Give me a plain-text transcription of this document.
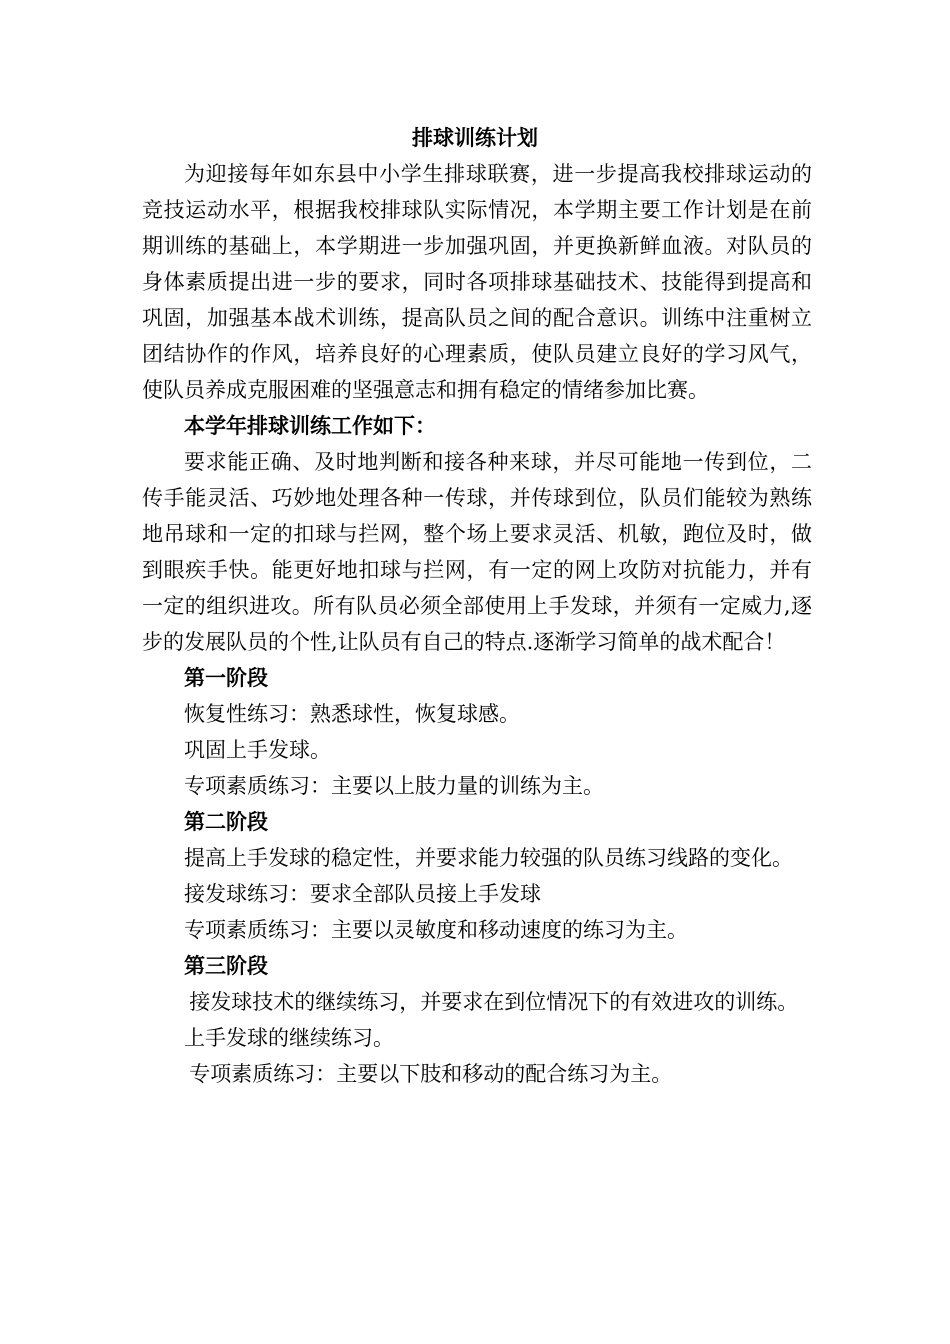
排球训练计划

为迎接每年如东县中小学生排球联赛，进一步提高我校排球运动的竞技运动水平，根据我校排球队实际情况，本学期主要工作计划是在前期训练的基础上，本学期进一步加强巩固，并更换新鲜血液。对队员的身体素质提出进一步的要求，同时各项排球基础技术、技能得到提高和巩固，加强基本战术训练，提高队员之间的配合意识。训练中注重树立团结协作的作风，培养良好的心理素质，使队员建立良好的学习风气，使队员养成克服困难的坚强意志和拥有稳定的情绪参加比赛。

本学年排球训练工作如下：

要求能正确、及时地判断和接各种来球，并尽可能地一传到位，二传手能灵活、巧妙地处理各种一传球，并传球到位，队员们能较为熟练地吊球和一定的扣球与拦网，整个场上要求灵活、机敏，跑位及时，做到眼疾手快。能更好地扣球与拦网，有一定的网上攻防对抗能力，并有一定的组织进攻。所有队员必须全部使用上手发球，并须有一定威力,逐步的发展队员的个性,让队员有自己的特点.逐渐学习简单的战术配合！

第一阶段

恢复性练习：熟悉球性，恢复球感。

巩固上手发球。

专项素质练习：主要以上肢力量的训练为主。

第二阶段

提高上手发球的稳定性，并要求能力较强的队员练习线路的变化。

接发球练习：要求全部队员接上手发球

专项素质练习：主要以灵敏度和移动速度的练习为主。

第三阶段

接发球技术的继续练习，并要求在到位情况下的有效进攻的训练。

上手发球的继续练习。

专项素质练习：主要以下肢和移动的配合练习为主。
